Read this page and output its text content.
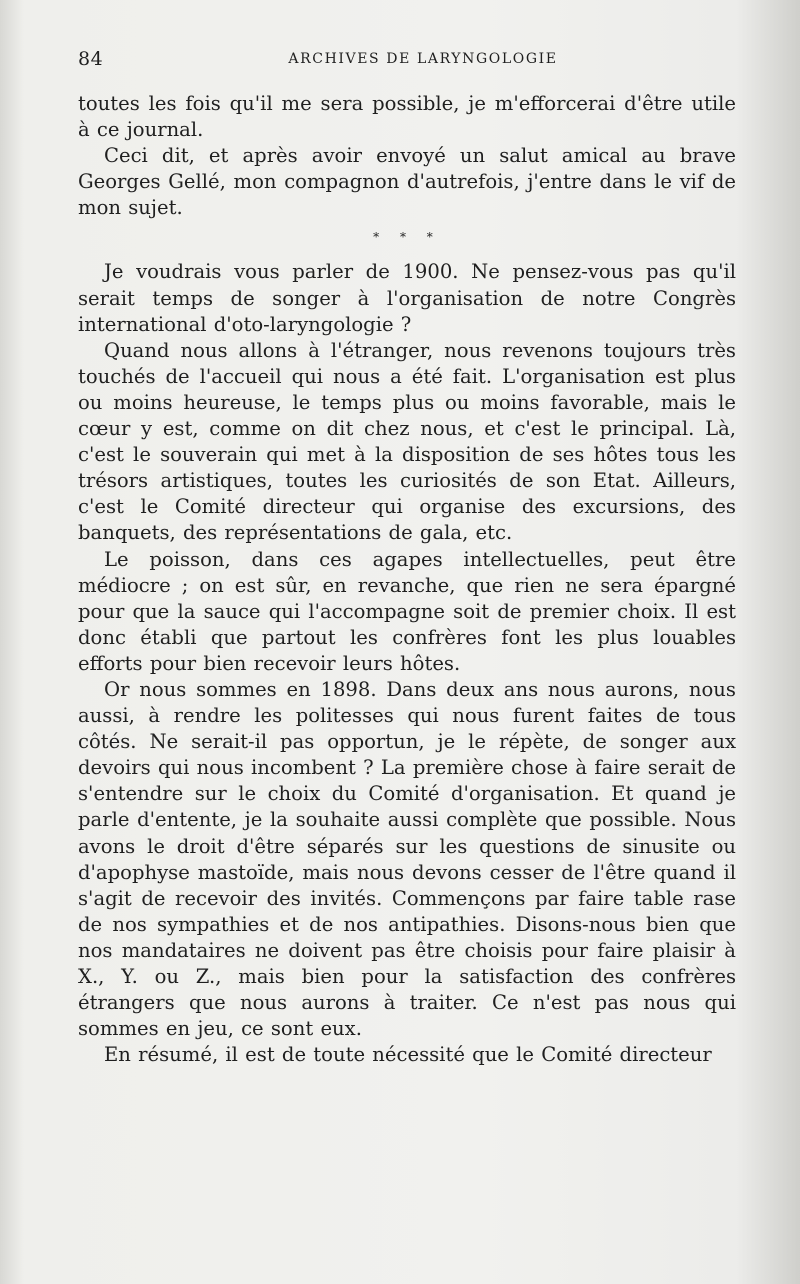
84	ARCHIVES DE LARYNGOLOGIE

toutes les fois qu'il me sera possible, je m'efforcerai d'être utile à ce journal.

Ceci dit, et après avoir envoyé un salut amical au brave Georges Gellé, mon compagnon d'autrefois, j'entre dans le vif de mon sujet.

* * *

Je voudrais vous parler de 1900. Ne pensez-vous pas qu'il serait temps de songer à l'organisation de notre Congrès international d'oto-laryngologie ?

Quand nous allons à l'étranger, nous revenons toujours très touchés de l'accueil qui nous a été fait. L'organisation est plus ou moins heureuse, le temps plus ou moins favorable, mais le cœur y est, comme on dit chez nous, et c'est le principal. Là, c'est le souverain qui met à la disposition de ses hôtes tous les trésors artistiques, toutes les curiosités de son Etat. Ailleurs, c'est le Comité directeur qui organise des excursions, des banquets, des représentations de gala, etc.

Le poisson, dans ces agapes intellectuelles, peut être médiocre ; on est sûr, en revanche, que rien ne sera épargné pour que la sauce qui l'accompagne soit de premier choix. Il est donc établi que partout les confrères font les plus louables efforts pour bien recevoir leurs hôtes.

Or nous sommes en 1898. Dans deux ans nous aurons, nous aussi, à rendre les politesses qui nous furent faites de tous côtés. Ne serait-il pas opportun, je le répète, de songer aux devoirs qui nous incombent ? La première chose à faire serait de s'entendre sur le choix du Comité d'organisation. Et quand je parle d'entente, je la souhaite aussi complète que possible. Nous avons le droit d'être séparés sur les questions de sinusite ou d'apophyse mastoïde, mais nous devons cesser de l'être quand il s'agit de recevoir des invités. Commençons par faire table rase de nos sympathies et de nos antipathies. Disons-nous bien que nos mandataires ne doivent pas être choisis pour faire plaisir à X., Y. ou Z., mais bien pour la satisfaction des confrères étrangers que nous aurons à traiter. Ce n'est pas nous qui sommes en jeu, ce sont eux.

En résumé, il est de toute nécessité que le Comité directeur
